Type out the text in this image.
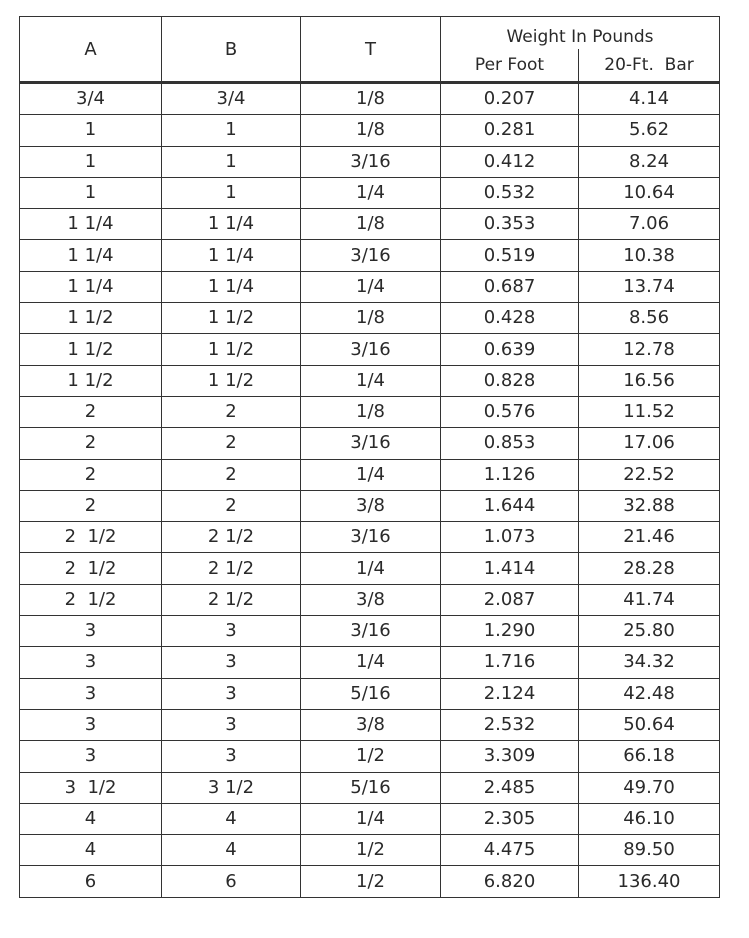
A	B	T	Weight In Pounds	
			Per Foot	20-Ft.  Bar
3/4	3/4	1/8	0.207	4.14
1	1	1/8	0.281	5.62
1	1	3/16	0.412	8.24
1	1	1/4	0.532	10.64
1 1/4	1 1/4	1/8	0.353	7.06
1 1/4	1 1/4	3/16	0.519	10.38
1 1/4	1 1/4	1/4	0.687	13.74
1 1/2	1 1/2	1/8	0.428	8.56
1 1/2	1 1/2	3/16	0.639	12.78
1 1/2	1 1/2	1/4	0.828	16.56
2	2	1/8	0.576	11.52
2	2	3/16	0.853	17.06
2	2	1/4	1.126	22.52
2	2	3/8	1.644	32.88
2  1/2	2 1/2	3/16	1.073	21.46
2  1/2	2 1/2	1/4	1.414	28.28
2  1/2	2 1/2	3/8	2.087	41.74
3	3	3/16	1.290	25.80
3	3	1/4	1.716	34.32
3	3	5/16	2.124	42.48
3	3	3/8	2.532	50.64
3	3	1/2	3.309	66.18
3  1/2	3 1/2	5/16	2.485	49.70
4	4	1/4	2.305	46.10
4	4	1/2	4.475	89.50
6	6	1/2	6.820	136.40
